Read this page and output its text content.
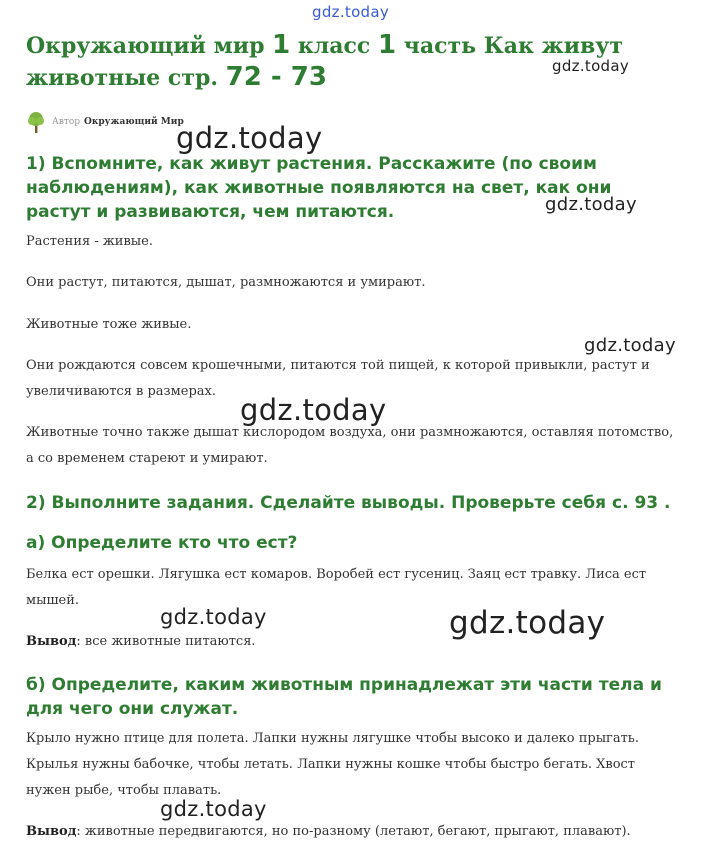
gdz.today
gdz.today
gdz.today
gdz.today
gdz.today
gdz.today
gdz.today	gdz.today
gdz.today
Окружающий мир 1 класс 1 часть Как живут животные стр. 72 - 73
Автор Окружающий Мир
1) Вспомните, как живут растения. Расскажите (по своим наблюдениям), как животные появляются на свет, как они растут и развиваются, чем питаются.

Растения - живые.

Они растут, питаются, дышат, размножаются и умирают.

Животные тоже живые.

Они рождаются совсем крошечными, питаются той пищей, к которой привыкли, растут и увеличиваются в размерах.

Животные точно также дышат кислородом воздуха, они размножаются, оставляя потомство, а со временем стареют и умирают.

2) Выполните задания. Сделайте выводы. Проверьте себя с. 93 .
а) Определите кто что ест?

Белка ест орешки. Лягушка ест комаров. Воробей ест гусениц. Заяц ест травку. Лиса ест мышей.

Вывод: все животные питаются.

б) Определите, каким животным принадлежат эти части тела и для чего они служат.

Крыло нужно птице для полета. Лапки нужны лягушке чтобы высоко и далеко прыгать. Крылья нужны бабочке, чтобы летать. Лапки нужны кошке чтобы быстро бегать. Хвост нужен рыбе, чтобы плавать.

Вывод: животные передвигаются, но по-разному (летают, бегают, прыгают, плавают).
